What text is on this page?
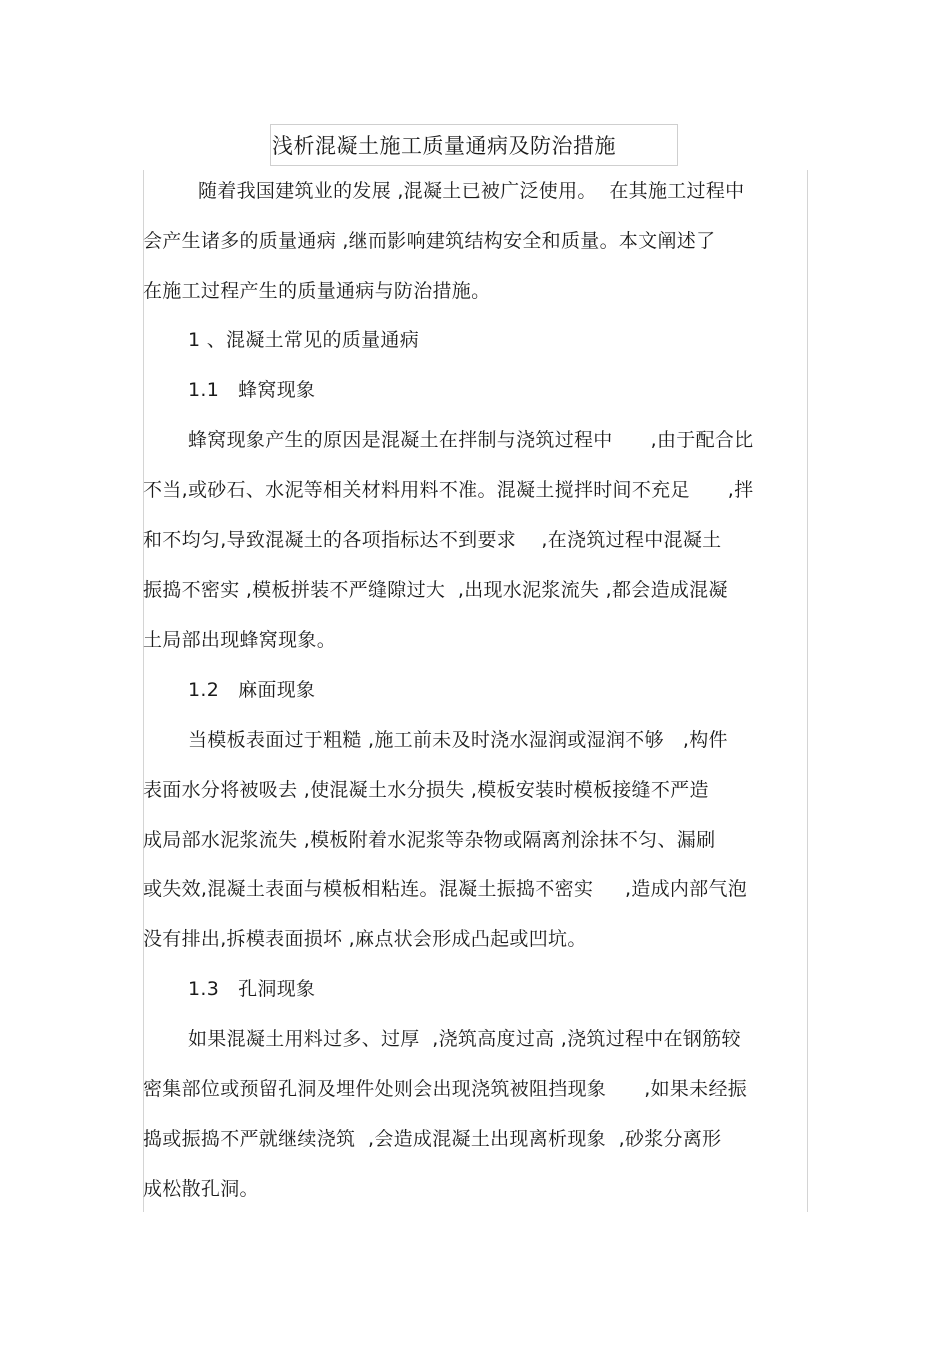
浅析混凝土施工质量通病及防治措施
随着我国建筑业的发展 ,混凝土已被广泛使用。  在其施工过程中
会产生诸多的质量通病 ,继而影响建筑结构安全和质量。本文阐述了
在施工过程产生的质量通病与防治措施。
1 、混凝土常见的质量通病
1.1   蜂窝现象
蜂窝现象产生的原因是混凝土在拌制与浇筑过程中      ,由于配合比
不当,或砂石、水泥等相关材料用料不准。混凝土搅拌时间不充足      ,拌
和不均匀,导致混凝土的各项指标达不到要求    ,在浇筑过程中混凝土
振捣不密实 ,模板拼装不严缝隙过大  ,出现水泥浆流失 ,都会造成混凝
土局部出现蜂窝现象。
1.2   麻面现象
当模板表面过于粗糙 ,施工前未及时浇水湿润或湿润不够   ,构件
表面水分将被吸去 ,使混凝土水分损失 ,模板安装时模板接缝不严造
成局部水泥浆流失 ,模板附着水泥浆等杂物或隔离剂涂抹不匀、漏刷
或失效,混凝土表面与模板相粘连。混凝土振捣不密实     ,造成内部气泡
没有排出,拆模表面损坏 ,麻点状会形成凸起或凹坑。
1.3   孔洞现象
如果混凝土用料过多、过厚  ,浇筑高度过高 ,浇筑过程中在钢筋较
密集部位或预留孔洞及埋件处则会出现浇筑被阻挡现象      ,如果未经振
捣或振捣不严就继续浇筑  ,会造成混凝土出现离析现象  ,砂浆分离形
成松散孔洞。
